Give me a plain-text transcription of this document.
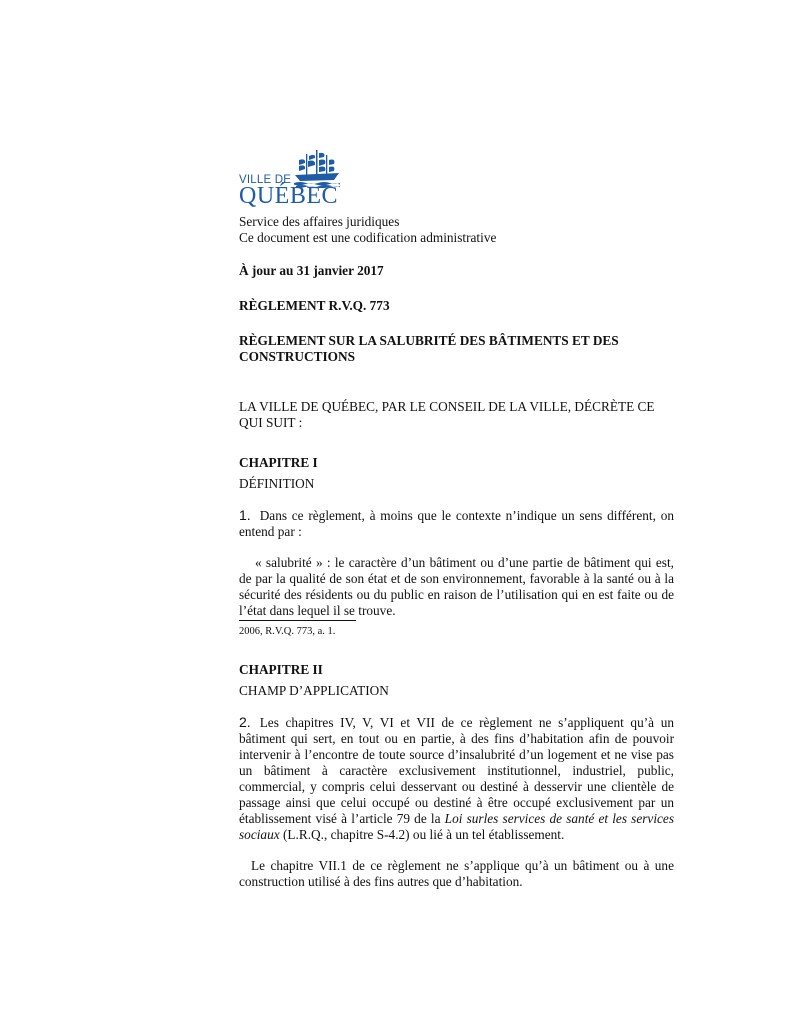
VILLE DE
QUÉBEC

Service des affaires juridiques

Ce document est une codification administrative

À jour au 31 janvier 2017

RÈGLEMENT R.V.Q. 773

RÈGLEMENT SUR LA SALUBRITÉ DES BÂTIMENTS ET DES CONSTRUCTIONS

LA VILLE DE QUÉBEC, PAR LE CONSEIL DE LA VILLE, DÉCRÈTE CE QUI SUIT :

CHAPITRE I

DÉFINITION

1. Dans ce règlement, à moins que le contexte n’indique un sens différent, on entend par :

« salubrité » : le caractère d’un bâtiment ou d’une partie de bâtiment qui est, de par la qualité de son état et de son environnement, favorable à la santé ou à la sécurité des résidents ou du public en raison de l’utilisation qui en est faite ou de l’état dans lequel il se trouve.

2006, R.V.Q. 773, a. 1.

CHAPITRE II

CHAMP D’APPLICATION

2. Les chapitres IV, V, VI et VII de ce règlement ne s’appliquent qu’à un bâtiment qui sert, en tout ou en partie, à des fins d’habitation afin de pouvoir intervenir à l’encontre de toute source d’insalubrité d’un logement et ne vise pas un bâtiment à caractère exclusivement institutionnel, industriel, public, commercial, y compris celui desservant ou destiné à desservir une clientèle de passage ainsi que celui occupé ou destiné à être occupé exclusivement par un établissement visé à l’article 79 de la Loi surles services de santé et les services sociaux (L.R.Q., chapitre S-4.2) ou lié à un tel établissement.

Le chapitre VII.1 de ce règlement ne s’applique qu’à un bâtiment ou à une construction utilisé à des fins autres que d’habitation.
